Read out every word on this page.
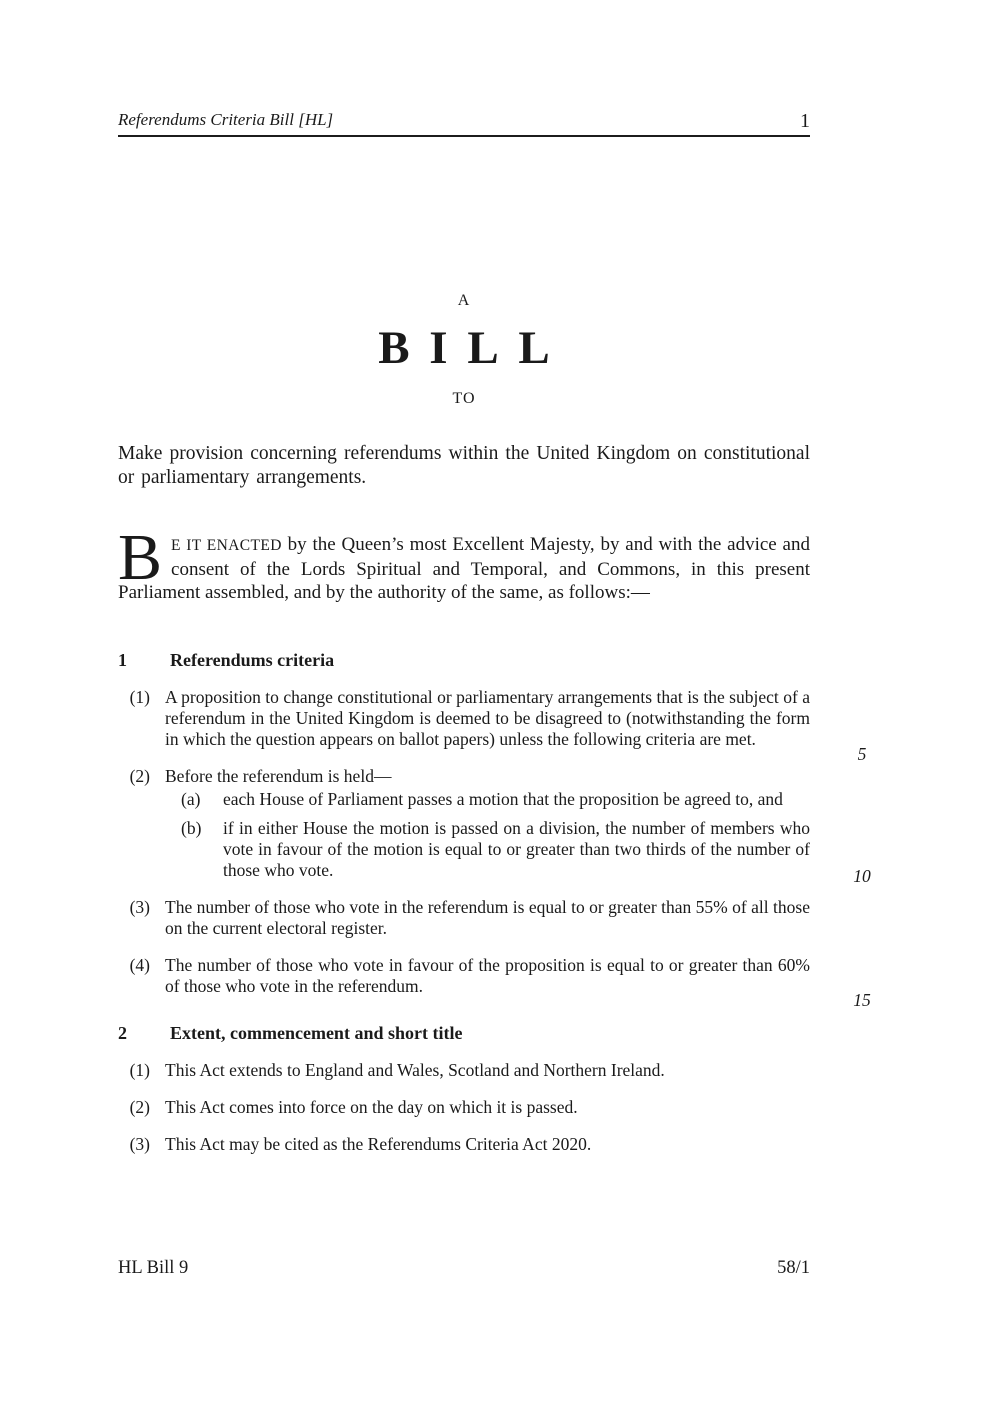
Referendums Criteria Bill [HL]	1
A
BILL
TO

Make provision concerning referendums within the United Kingdom on constitutional or parliamentary arrangements.

B E IT ENACTED by the Queen’s most Excellent Majesty, by and with the advice and consent of the Lords Spiritual and Temporal, and Commons, in this present Parliament assembled, and by the authority of the same, as follows:—

1	Referendums criteria
(1) A proposition to change constitutional or parliamentary arrangements that is the subject of a referendum in the United Kingdom is deemed to be disagreed to (notwithstanding the form in which the question appears on ballot papers) unless the following criteria are met.
(2) Before the referendum is held—
(a)	each House of Parliament passes a motion that the proposition be agreed to, and
(b)	if in either House the motion is passed on a division, the number of members who vote in favour of the motion is equal to or greater than two thirds of the number of those who vote.
(3) The number of those who vote in the referendum is equal to or greater than 55% of all those on the current electoral register.
(4) The number of those who vote in favour of the proposition is equal to or greater than 60% of those who vote in the referendum.
2	Extent, commencement and short title
(1) This Act extends to England and Wales, Scotland and Northern Ireland.
(2) This Act comes into force on the day on which it is passed.
(3) This Act may be cited as the Referendums Criteria Act 2020.
5
10
15
HL Bill 9	58/1
